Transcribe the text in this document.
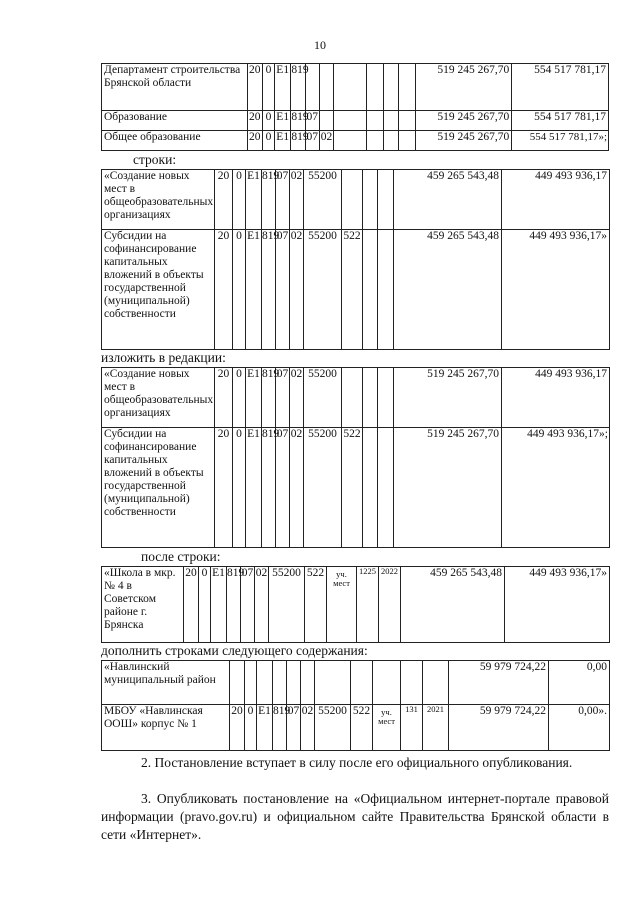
10
Департамент строительства Брянской области	20	0	E1	819							519 245 267,70	554 517 781,17
Образование	20	0	E1	819	07						519 245 267,70	554 517 781,17
Общее образование	20	0	E1	819	07	02					519 245 267,70	554 517 781,17»;
строки:
«Создание новых мест в общеобразовательных организациях	20	0	E1	819	07	02	55200				459 265 543,48	449 493 936,17
Субсидии на софинансирование капитальных вложений в объекты государственной (муниципальной) собственности	20	0	E1	819	07	02	55200	522			459 265 543,48	449 493 936,17»
изложить в редакции:
«Создание новых мест в общеобразовательных организациях	20	0	E1	819	07	02	55200				519 245 267,70	449 493 936,17
Субсидии на софинансирование капитальных вложений в объекты государственной (муниципальной) собственности	20	0	E1	819	07	02	55200	522			519 245 267,70	449 493 936,17»;
после строки:
«Школа в мкр. № 4 в Советском районе г. Брянска	20	0	E1	819	07	02	55200	522	уч. мест	1225	2022	459 265 543,48	449 493 936,17»
дополнить строками следующего содержания:
«Навлинский муниципальный район												59 979 724,22	0,00
МБОУ «Навлинская ООШ» корпус № 1	20	0	E1	819	07	02	55200	522	уч. мест	131	2021	59 979 724,22	0,00».
2. Постановление вступает в силу после его официального опубликования.
3. Опубликовать постановление на «Официальном интернет-портале правовой информации (pravo.gov.ru) и официальном сайте Правительства Брянской области в сети «Интернет».
